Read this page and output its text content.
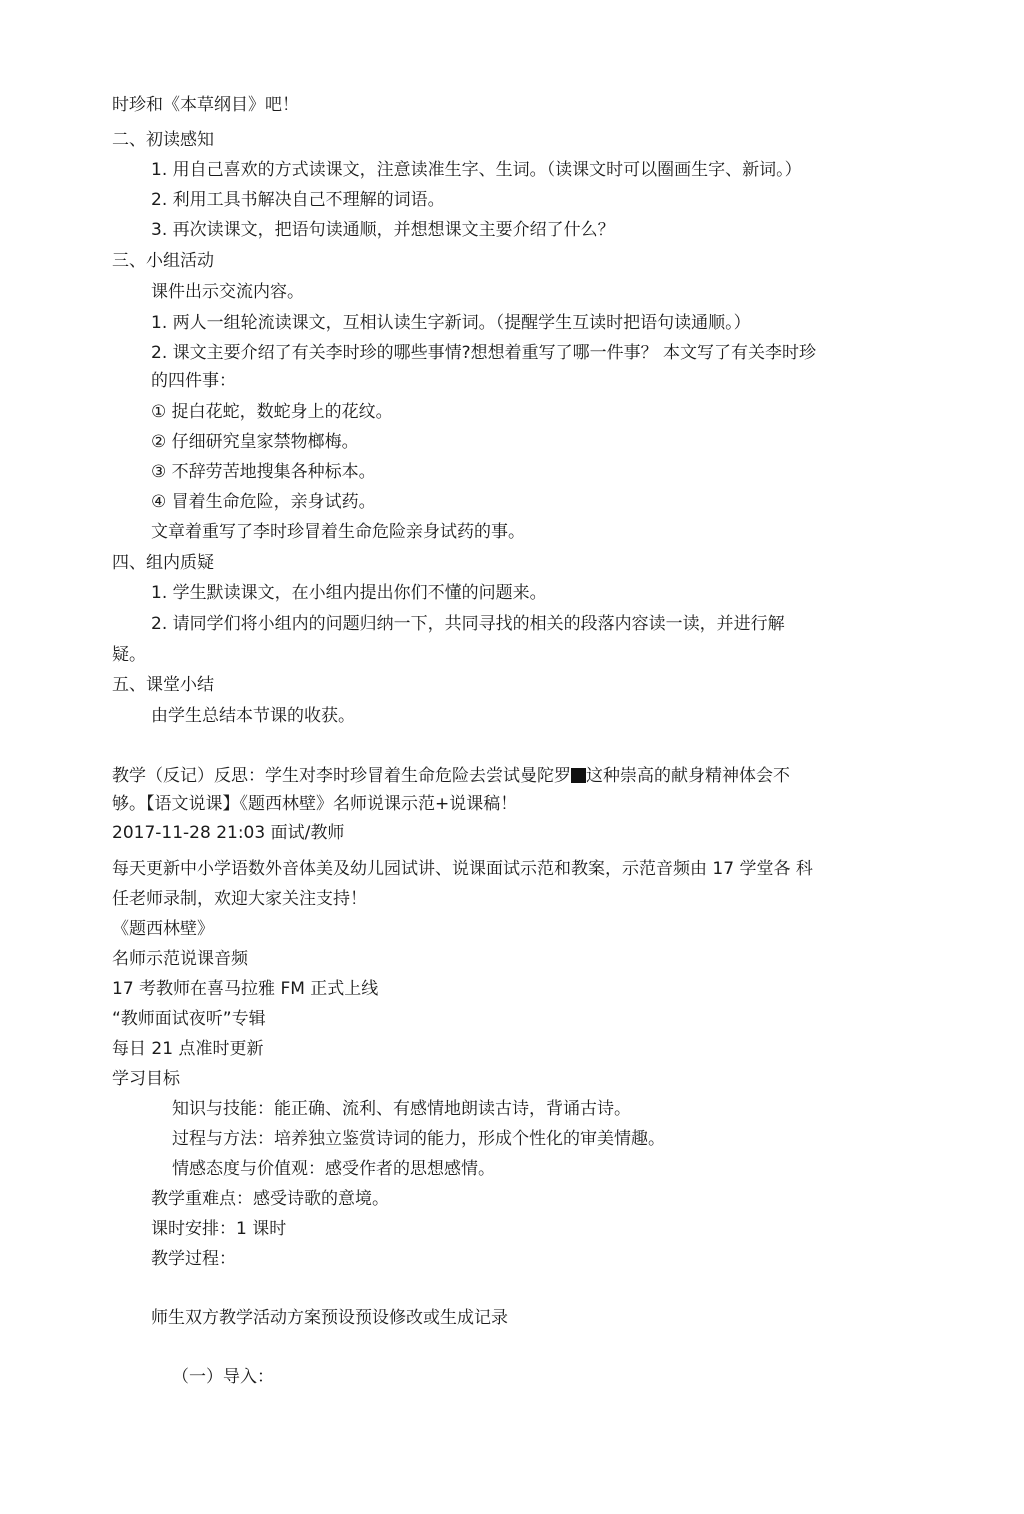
时珍和《本草纲目》吧！
二、初读感知
1. 用自己喜欢的方式读课文，注意读准生字、生词。（读课文时可以圈画生字、新词。）
2. 利用工具书解决自己不理解的词语。
3. 再次读课文，把语句读通顺，并想想课文主要介绍了什么？
三、小组活动
课件出示交流内容。
1. 两人一组轮流读课文，互相认读生字新词。（提醒学生互读时把语句读通顺。）
2. 课文主要介绍了有关李时珍的哪些事情?想想着重写了哪一件事？ 本文写了有关李时珍
的四件事：
① 捉白花蛇，数蛇身上的花纹。
② 仔细研究皇家禁物榔梅。
③ 不辞劳苦地搜集各种标本。
④ 冒着生命危险，亲身试药。
文章着重写了李时珍冒着生命危险亲身试药的事。
四、组内质疑
1. 学生默读课文，在小组内提出你们不懂的问题来。
2. 请同学们将小组内的问题归纳一下，共同寻找的相关的段落内容读一读，并进行解
疑。
五、课堂小结
由学生总结本节课的收获。
教学（反记）反思：学生对李时珍冒着生命危险去尝试曼陀罗 这种崇高的献身精神体会不
够。【语文说课】《题西林壁》名师说课示范+说课稿！
2017-11-28 21:03 面试/教师
每天更新中小学语数外音体美及幼儿园试讲、说课面试示范和教案，示范音频由 17 学堂各 科
任老师录制，欢迎大家关注支持！
《题西林壁》
名师示范说课音频
17 考教师在喜马拉雅 FM 正式上线
“教师面试夜听”专辑
每日 21 点准时更新
学习目标
知识与技能：能正确、流利、有感情地朗读古诗，背诵古诗。
过程与方法：培养独立鉴赏诗词的能力，形成个性化的审美情趣。
情感态度与价值观：感受作者的思想感情。
教学重难点：感受诗歌的意境。
课时安排：1 课时
教学过程：
师生双方教学活动方案预设预设修改或生成记录
（一）导入：
